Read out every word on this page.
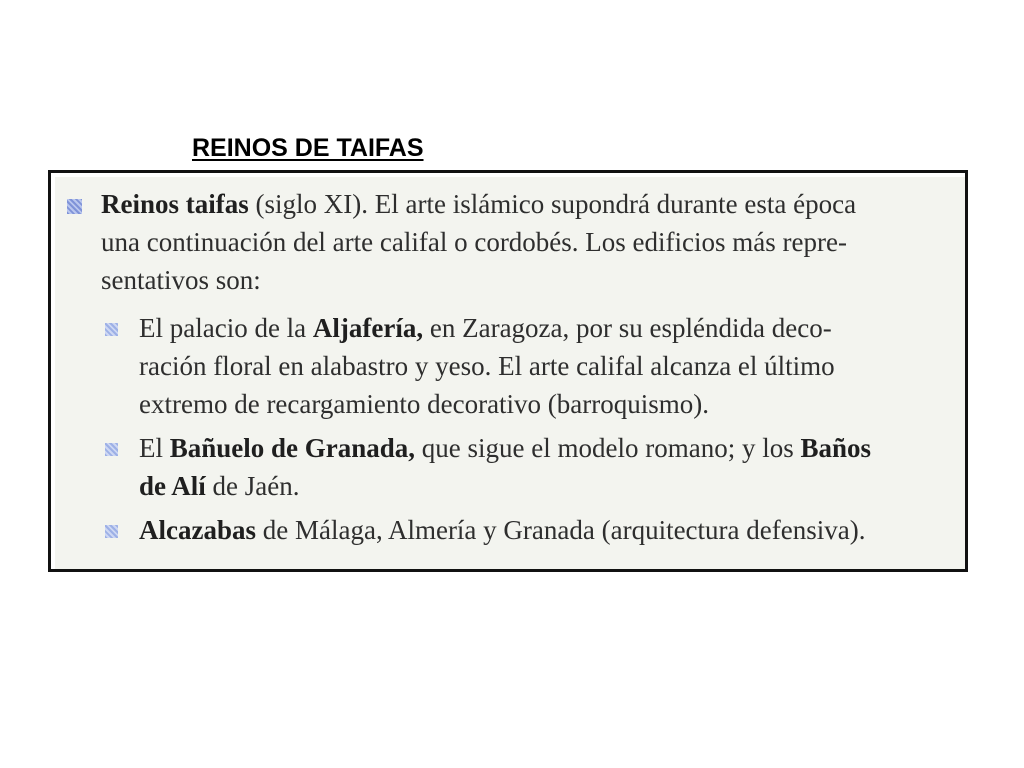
REINOS DE TAIFAS
Reinos taifas (siglo XI). El arte islámico supondrá durante esta época
una continuación del arte califal o cordobés. Los edificios más repre-
sentativos son:
El palacio de la Aljafería, en Zaragoza, por su espléndida deco-
ración floral en alabastro y yeso. El arte califal alcanza el último
extremo de recargamiento decorativo (barroquismo).
El Bañuelo de Granada, que sigue el modelo romano; y los Baños
de Alí de Jaén.
Alcazabas de Málaga, Almería y Granada (arquitectura defensiva).
